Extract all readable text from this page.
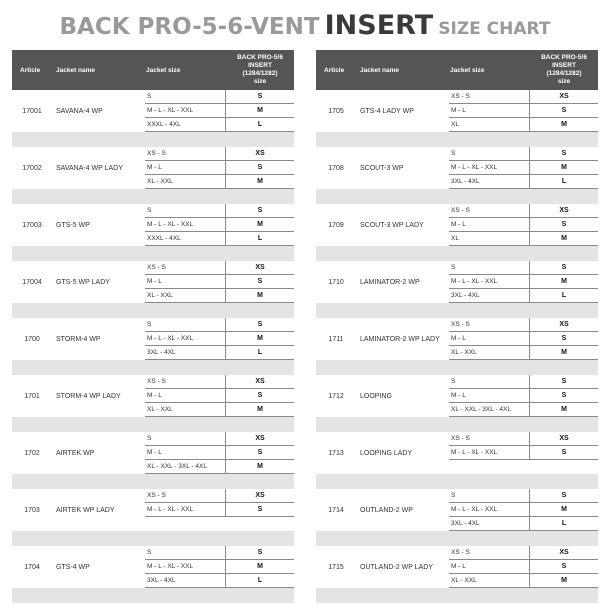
BACK PRO-5-6-VENT INSERT SIZE CHART
Article Jacket name	Jacket size
BACK PRO-5/6
INSERT
(1284/1282)
size
17001	SAVANA-4 WP
S	S
M - L - XL - XXL	M
XXXL - 4XL	L
17002	SAVANA-4 WP LADY
XS - S	XS
M - L	S
XL - XXL	M
17003	GTS-5 WP
S	S
M - L - XL - XXL	M
XXXL - 4XL	L
17004	GTS-5 WP LADY
XS - S	XS
M - L	S
XL - XXL	M
1700	STORM-4 WP
S	S
M - L - XL - XXL	M
3XL - 4XL	L
1701	STORM-4 WP LADY
XS - S	XS
M - L	S
XL - XXL	M
1702	AIRTEK WP
S	XS
M - L	S
XL - XXL - 3XL - 4XL	M
1703	AIRTEK WP LADY
XS - S	XS
M - L - XL - XXL	S
1704	GTS-4 WP
S	S
M - L - XL - XXL	M
3XL - 4XL	L
Article Jacket name	Jacket size
BACK PRO-5/6
INSERT
(1284/1282)
size
1705	GTS-4 LADY WP
XS - S	XS
M - L	S
XL	M
1708	SCOUT-3 WP
S	S
M - L - XL - XXL	M
3XL - 4XL	L
1709	SCOUT-3 WP LADY
XS - S	XS
M - L	S
XL	M
1710	LAMINATOR-2 WP
S	S
M - L - XL - XXL	M
3XL - 4XL	L
1711	LAMINATOR-2 WP LADY
XS - S	XS
M - L	S
XL - XXL	M
1712	LOOPING
S	S
M - L	S
XL - XXL - 3XL - 4XL	M
1713	LOOPING LADY
XS - S	XS
M - L - XL - XXL	S
1714	OUTLAND-2 WP
S	S
M - L - XL - XXL	M
3XL - 4XL	L
1715	OUTLAND-2 WP LADY
XS - S	XS
M - L	S
XL - XXL	M
